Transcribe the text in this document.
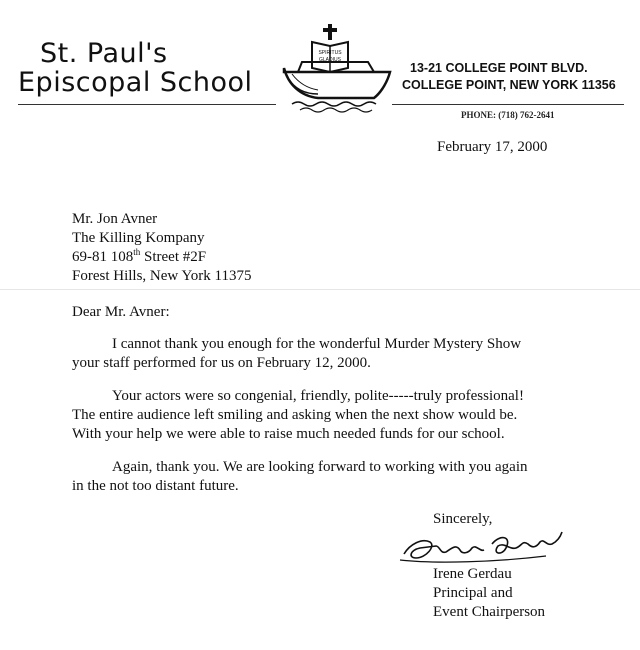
St. Paul's
Episcopal School
SPIRITUS
GLADIUS
13-21 COLLEGE POINT BLVD.
COLLEGE POINT, NEW YORK 11356
PHONE: (718) 762-2641
February 17, 2000
Mr. Jon Avner
The Killing Kompany
69-81 108th Street #2F
Forest Hills, New York 11375
Dear Mr. Avner:
I cannot thank you enough for the wonderful Murder Mystery Show
your staff performed for us on February 12, 2000.
Your actors were so congenial, friendly, polite-----truly professional!
The entire audience left smiling and asking when the next show would be.
With your help we were able to raise much needed funds for our school.
Again, thank you. We are looking forward to working with you again
in the not too distant future.
Sincerely,
Irene Gerdau
Principal and
Event Chairperson
